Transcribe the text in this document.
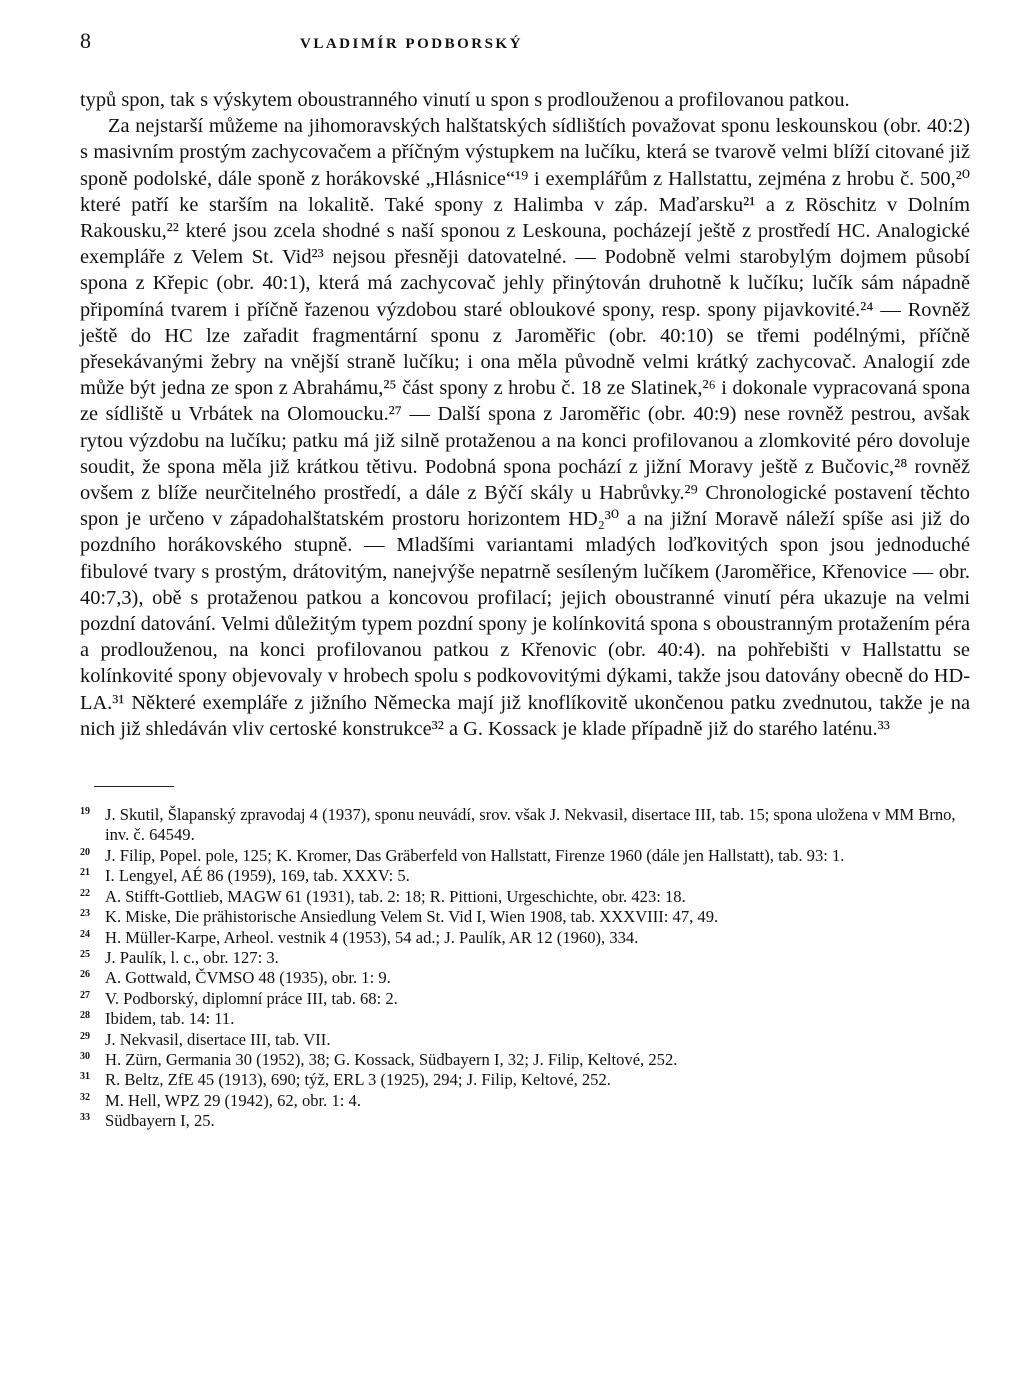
8	VLADIMÍR PODBORSKÝ

typů spon, tak s výskytem oboustranného vinutí u spon s prodlouženou a profilovanou patkou.

Za nejstarší můžeme na jihomoravských halštatských sídlištích považovat sponu leskounskou (obr. 40:2) s masivním prostým zachycovačem a příčným výstupkem na lučíku, která se tvarově velmi blíží citované již sponě podolské, dále sponě z horákovské „Hlásnice“¹⁹ i exemplářům z Hallstattu, zejména z hrobu č. 500,²⁰ které patří ke starším na lokalitě. Také spony z Halimba v záp. Maďarsku²¹ a z Röschitz v Dolním Rakousku,²² které jsou zcela shodné s naší sponou z Leskouna, pocházejí ještě z prostředí HC. Analogické exempláře z Velem St. Vid²³ nejsou přesněji datovatelné. — Podobně velmi starobylým dojmem působí spona z Křepic (obr. 40:1), která má zachycovač jehly přinýtován druhotně k lučíku; lučík sám nápadně připomíná tvarem i příčně řazenou výzdobou staré obloukové spony, resp. spony pijavkovité.²⁴ — Rovněž ještě do HC lze zařadit fragmentární sponu z Jaroměřic (obr. 40:10) se třemi podélnými, příčně přesekávanými žebry na vnější straně lučíku; i ona měla původně velmi krátký zachycovač. Analogií zde může být jedna ze spon z Abrahámu,²⁵ část spony z hrobu č. 18 ze Slatinek,²⁶ i dokonale vypracovaná spona ze sídliště u Vrbátek na Olomoucku.²⁷ — Další spona z Jaroměřic (obr. 40:9) nese rovněž pestrou, avšak rytou výzdobu na lučíku; patku má již silně protaženou a na konci profilovanou a zlomkovité péro dovoluje soudit, že spona měla již krátkou tětivu. Podobná spona pochází z jižní Moravy ještě z Bučovic,²⁸ rovněž ovšem z blíže neurčitelného prostředí, a dále z Býčí skály u Habrůvky.²⁹ Chronologické postavení těchto spon je určeno v západohalštatském prostoru horizontem HD₂³⁰ a na jižní Moravě náleží spíše asi již do pozdního horákovského stupně. — Mladšími variantami mladých loďkovitých spon jsou jednoduché fibulové tvary s prostým, drátovitým, nanejvýše nepatrně sesíleným lučíkem (Jaroměřice, Křenovice — obr. 40:7,3), obě s protaženou patkou a koncovou profilací; jejich oboustranné vinutí péra ukazuje na velmi pozdní datování. Velmi důležitým typem pozdní spony je kolínkovitá spona s oboustranným protažením péra a prodlouženou, na konci profilovanou patkou z Křenovic (obr. 40:4). na pohřebišti v Hallstattu se kolínkovité spony objevovaly v hrobech spolu s podkovovitými dýkami, takže jsou datovány obecně do HD-LA.³¹ Některé exempláře z jižního Německa mají již knoflíkovitě ukončenou patku zvednutou, takže je na nich již shledáván vliv certoské konstrukce³² a G. Kossack je klade případně již do starého laténu.³³

19 J. Skutil, Šlapanský zpravodaj 4 (1937), sponu neuvádí, srov. však J. Nekvasil, disertace III, tab. 15; spona uložena v MM Brno, inv. č. 64549.
20 J. Filip, Popel. pole, 125; K. Kromer, Das Gräberfeld von Hallstatt, Firenze 1960 (dále jen Hallstatt), tab. 93: 1.
21 I. Lengyel, AÉ 86 (1959), 169, tab. XXXV: 5.
22 A. Stifft-Gottlieb, MAGW 61 (1931), tab. 2: 18; R. Pittioni, Urgeschichte, obr. 423: 18.
23 K. Miske, Die prähistorische Ansiedlung Velem St. Vid I, Wien 1908, tab. XXXVIII: 47, 49.
24 H. Müller-Karpe, Arheol. vestnik 4 (1953), 54 ad.; J. Paulík, AR 12 (1960), 334.
25 J. Paulík, l. c., obr. 127: 3.
26 A. Gottwald, ČVMSO 48 (1935), obr. 1: 9.
27 V. Podborský, diplomní práce III, tab. 68: 2.
28 Ibidem, tab. 14: 11.
29 J. Nekvasil, disertace III, tab. VII.
30 H. Zürn, Germania 30 (1952), 38; G. Kossack, Südbayern I, 32; J. Filip, Keltové, 252.
31 R. Beltz, ZfE 45 (1913), 690; týž, ERL 3 (1925), 294; J. Filip, Keltové, 252.
32 M. Hell, WPZ 29 (1942), 62, obr. 1: 4.
33 Südbayern I, 25.
